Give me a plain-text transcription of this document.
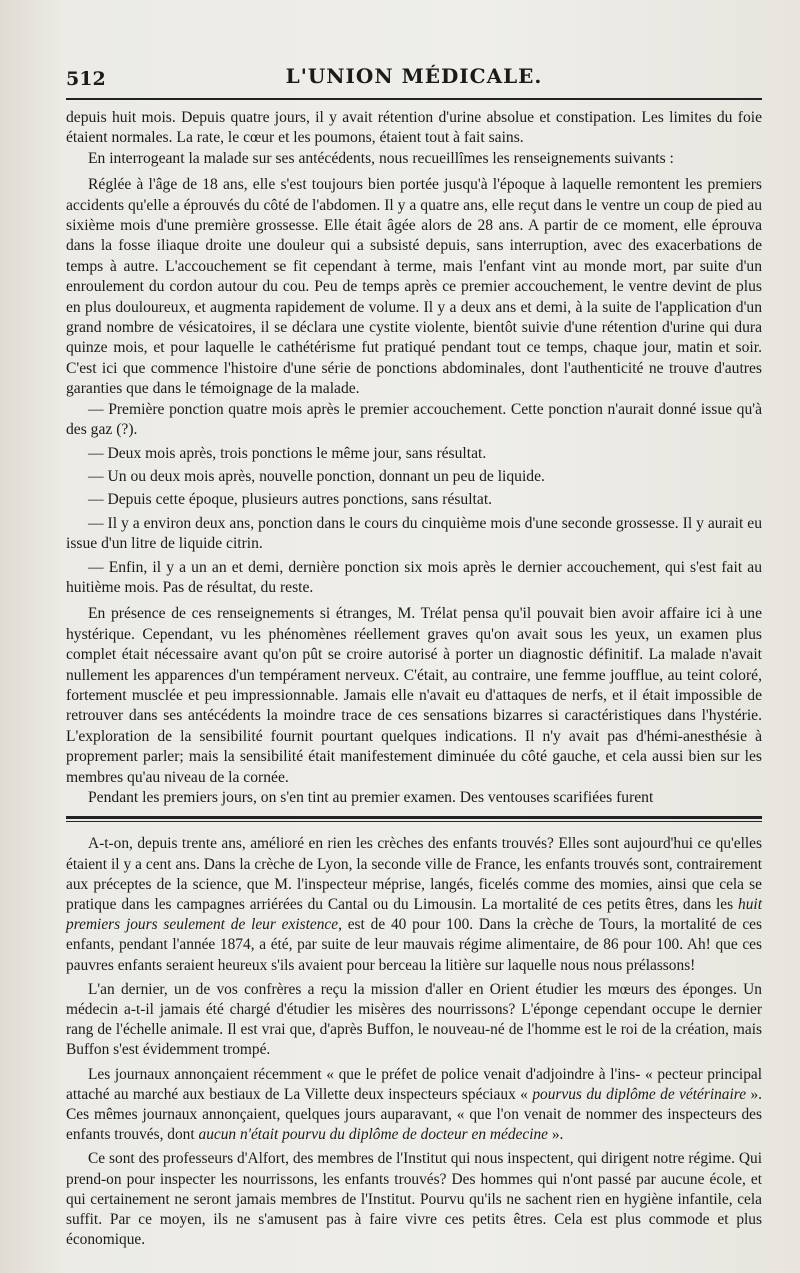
512	L'UNION MÉDICALE.

depuis huit mois. Depuis quatre jours, il y avait rétention d'urine absolue et constipation. Les limites du foie étaient normales. La rate, le cœur et les poumons, étaient tout à fait sains.

En interrogeant la malade sur ses antécédents, nous recueillîmes les renseignements suivants :

Réglée à l'âge de 18 ans, elle s'est toujours bien portée jusqu'à l'époque à laquelle remontent les premiers accidents qu'elle a éprouvés du côté de l'abdomen. Il y a quatre ans, elle reçut dans le ventre un coup de pied au sixième mois d'une première grossesse. Elle était âgée alors de 28 ans. A partir de ce moment, elle éprouva dans la fosse iliaque droite une douleur qui a subsisté depuis, sans interruption, avec des exacerbations de temps à autre. L'accouchement se fit cependant à terme, mais l'enfant vint au monde mort, par suite d'un enroulement du cordon autour du cou. Peu de temps après ce premier accouchement, le ventre devint de plus en plus douloureux, et augmenta rapidement de volume. Il y a deux ans et demi, à la suite de l'application d'un grand nombre de vésicatoires, il se déclara une cystite violente, bientôt suivie d'une rétention d'urine qui dura quinze mois, et pour laquelle le cathétérisme fut pratiqué pendant tout ce temps, chaque jour, matin et soir. C'est ici que commence l'histoire d'une série de ponctions abdominales, dont l'authenticité ne trouve d'autres garanties que dans le témoignage de la malade.

— Première ponction quatre mois après le premier accouchement. Cette ponction n'aurait donné issue qu'à des gaz (?).

— Deux mois après, trois ponctions le même jour, sans résultat.

— Un ou deux mois après, nouvelle ponction, donnant un peu de liquide.

— Depuis cette époque, plusieurs autres ponctions, sans résultat.

— Il y a environ deux ans, ponction dans le cours du cinquième mois d'une seconde grossesse. Il y aurait eu issue d'un litre de liquide citrin.

— Enfin, il y a un an et demi, dernière ponction six mois après le dernier accouchement, qui s'est fait au huitième mois. Pas de résultat, du reste.

En présence de ces renseignements si étranges, M. Trélat pensa qu'il pouvait bien avoir affaire ici à une hystérique. Cependant, vu les phénomènes réellement graves qu'on avait sous les yeux, un examen plus complet était nécessaire avant qu'on pût se croire autorisé à porter un diagnostic définitif. La malade n'avait nullement les apparences d'un tempérament nerveux. C'était, au contraire, une femme joufflue, au teint coloré, fortement musclée et peu impressionnable. Jamais elle n'avait eu d'attaques de nerfs, et il était impossible de retrouver dans ses antécédents la moindre trace de ces sensations bizarres si caractéristiques dans l'hystérie. L'exploration de la sensibilité fournit pourtant quelques indications. Il n'y avait pas d'hémi-anesthésie à proprement parler; mais la sensibilité était manifestement diminuée du côté gauche, et cela aussi bien sur les membres qu'au niveau de la cornée.

Pendant les premiers jours, on s'en tint au premier examen. Des ventouses scarifiées furent

A-t-on, depuis trente ans, amélioré en rien les crèches des enfants trouvés? Elles sont aujourd'hui ce qu'elles étaient il y a cent ans. Dans la crèche de Lyon, la seconde ville de France, les enfants trouvés sont, contrairement aux préceptes de la science, que M. l'inspecteur méprise, langés, ficelés comme des momies, ainsi que cela se pratique dans les campagnes arriérées du Cantal ou du Limousin. La mortalité de ces petits êtres, dans les huit premiers jours seulement de leur existence, est de 40 pour 100. Dans la crèche de Tours, la mortalité de ces enfants, pendant l'année 1874, a été, par suite de leur mauvais régime alimentaire, de 86 pour 100. Ah! que ces pauvres enfants seraient heureux s'ils avaient pour berceau la litière sur laquelle nous nous prélassons!

L'an dernier, un de vos confrères a reçu la mission d'aller en Orient étudier les mœurs des éponges. Un médecin a-t-il jamais été chargé d'étudier les misères des nourrissons? L'éponge cependant occupe le dernier rang de l'échelle animale. Il est vrai que, d'après Buffon, le nouveau-né de l'homme est le roi de la création, mais Buffon s'est évidemment trompé.

Les journaux annonçaient récemment « que le préfet de police venait d'adjoindre à l'ins- « pecteur principal attaché au marché aux bestiaux de La Villette deux inspecteurs spéciaux « pourvus du diplôme de vétérinaire ». Ces mêmes journaux annonçaient, quelques jours auparavant, « que l'on venait de nommer des inspecteurs des enfants trouvés, dont aucun n'était pourvu du diplôme de docteur en médecine ».

Ce sont des professeurs d'Alfort, des membres de l'Institut qui nous inspectent, qui dirigent notre régime. Qui prend-on pour inspecter les nourrissons, les enfants trouvés? Des hommes qui n'ont passé par aucune école, et qui certainement ne seront jamais membres de l'Institut. Pourvu qu'ils ne sachent rien en hygiène infantile, cela suffit. Par ce moyen, ils ne s'amusent pas à faire vivre ces petits êtres. Cela est plus commode et plus économique.
